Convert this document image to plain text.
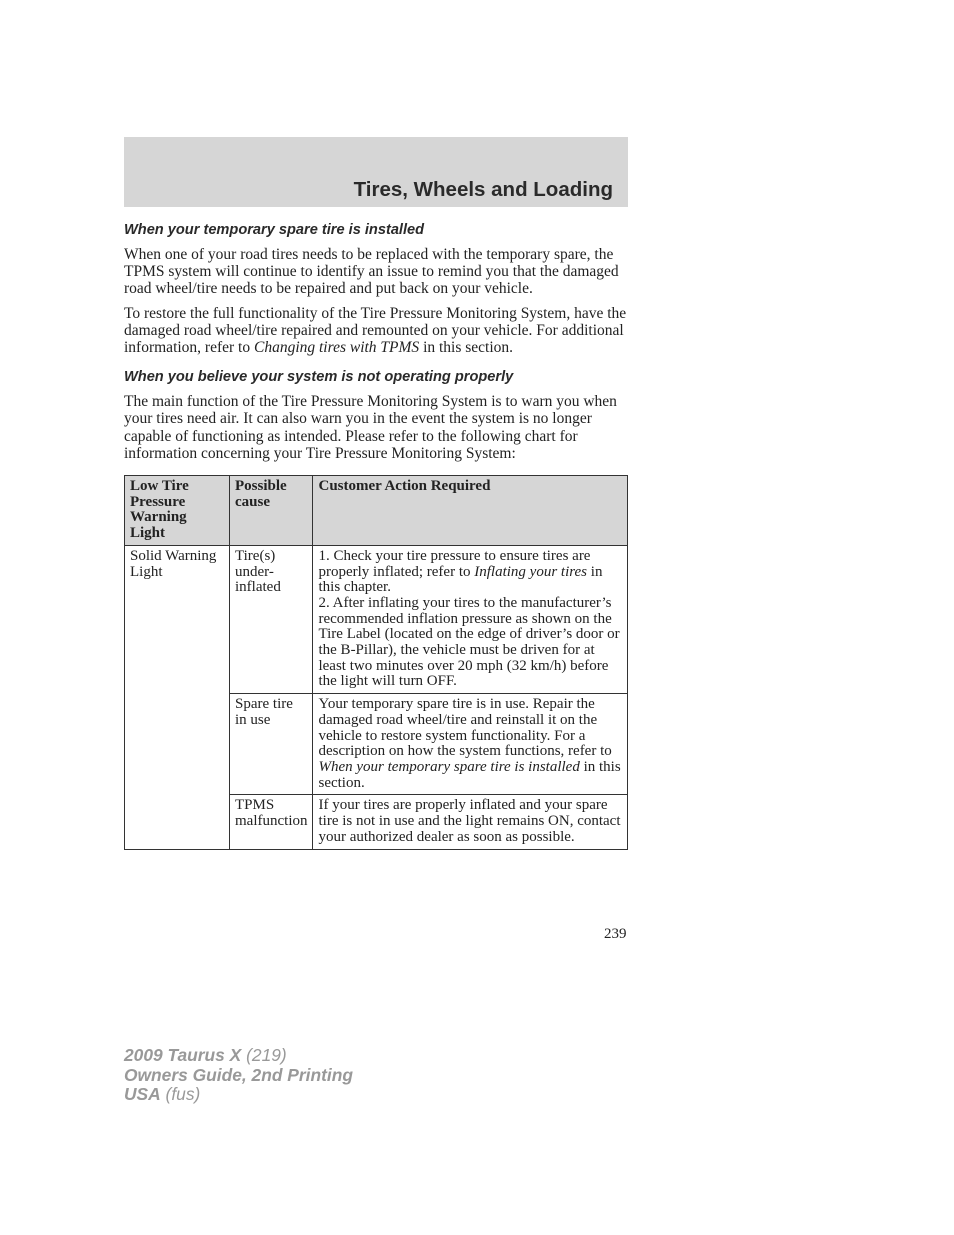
Tires, Wheels and Loading
When your temporary spare tire is installed

When one of your road tires needs to be replaced with the temporary spare, the TPMS system will continue to identify an issue to remind you that the damaged road wheel/tire needs to be repaired and put back on your vehicle.

To restore the full functionality of the Tire Pressure Monitoring System, have the damaged road wheel/tire repaired and remounted on your vehicle. For additional information, refer to Changing tires with TPMS in this section.

When you believe your system is not operating properly

The main function of the Tire Pressure Monitoring System is to warn you when your tires need air. It can also warn you in the event the system is no longer capable of functioning as intended. Please refer to the following chart for information concerning your Tire Pressure Monitoring System:

Low Tire Pressure Warning Light	Possible cause	Customer Action Required
Solid Warning Light	Tire(s) under-inflated	1. Check your tire pressure to ensure tires are properly inflated; refer to Inflating your tires in this chapter.
2. After inflating your tires to the manufacturer’s recommended inflation pressure as shown on the Tire Label (located on the edge of driver’s door or the B-Pillar), the vehicle must be driven for at least two minutes over 20 mph (32 km/h) before the light will turn OFF.
	Spare tire in use	Your temporary spare tire is in use. Repair the damaged road wheel/tire and reinstall it on the vehicle to restore system functionality. For a description on how the system functions, refer to When your temporary spare tire is installed in this section.
	TPMS malfunction	If your tires are properly inflated and your spare tire is not in use and the light remains ON, contact your authorized dealer as soon as possible.
239
2009 Taurus X (219)
Owners Guide, 2nd Printing
USA (fus)
